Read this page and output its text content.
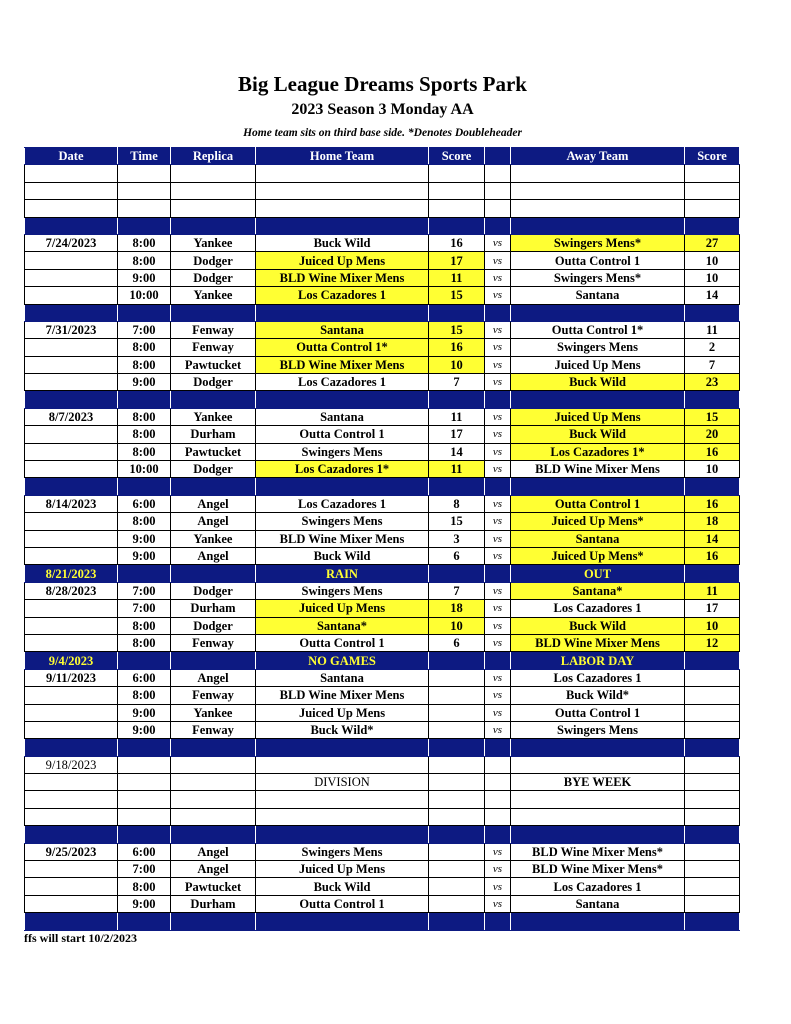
Big League Dreams Sports Park
2023 Season 3 Monday AA
Home team sits on third base side. *Denotes Doubleheader
Date	Time	Replica	Home Team	Score		Away Team	Score

7/24/2023	8:00	Yankee	Buck Wild	16	vs	Swingers Mens*	27
	8:00	Dodger	Juiced Up Mens	17	vs	Outta Control 1	10
	9:00	Dodger	BLD Wine Mixer Mens	11	vs	Swingers Mens*	10
	10:00	Yankee	Los Cazadores 1	15	vs	Santana	14

7/31/2023	7:00	Fenway	Santana	15	vs	Outta Control 1*	11
	8:00	Fenway	Outta Control 1*	16	vs	Swingers Mens	2
	8:00	Pawtucket	BLD Wine Mixer Mens	10	vs	Juiced Up Mens	7
	9:00	Dodger	Los Cazadores 1	7	vs	Buck Wild	23

8/7/2023	8:00	Yankee	Santana	11	vs	Juiced Up Mens	15
	8:00	Durham	Outta Control 1	17	vs	Buck Wild	20
	8:00	Pawtucket	Swingers Mens	14	vs	Los Cazadores 1*	16
	10:00	Dodger	Los Cazadores 1*	11	vs	BLD Wine Mixer Mens	10

8/14/2023	6:00	Angel	Los Cazadores 1	8	vs	Outta Control 1	16
	8:00	Angel	Swingers Mens	15	vs	Juiced Up Mens*	18
	9:00	Yankee	BLD Wine Mixer Mens	3	vs	Santana	14
	9:00	Angel	Buck Wild	6	vs	Juiced Up Mens*	16
8/21/2023			RAIN			OUT	
8/28/2023	7:00	Dodger	Swingers Mens	7	vs	Santana*	11
	7:00	Durham	Juiced Up Mens	18	vs	Los Cazadores 1	17
	8:00	Dodger	Santana*	10	vs	Buck Wild	10
	8:00	Fenway	Outta Control 1	6	vs	BLD Wine Mixer Mens	12
9/4/2023			NO GAMES			LABOR DAY	
9/11/2023	6:00	Angel	Santana		vs	Los Cazadores 1	
	8:00	Fenway	BLD Wine Mixer Mens		vs	Buck Wild*	
	9:00	Yankee	Juiced Up Mens		vs	Outta Control 1	
	9:00	Fenway	Buck Wild*		vs	Swingers Mens	

9/18/2023							
			DIVISION			BYE WEEK	

9/25/2023	6:00	Angel	Swingers Mens		vs	BLD Wine Mixer Mens*	
	7:00	Angel	Juiced Up Mens		vs	BLD Wine Mixer Mens*	
	8:00	Pawtucket	Buck Wild		vs	Los Cazadores 1	
	9:00	Durham	Outta Control 1		vs	Santana	

ffs will start 10/2/2023
